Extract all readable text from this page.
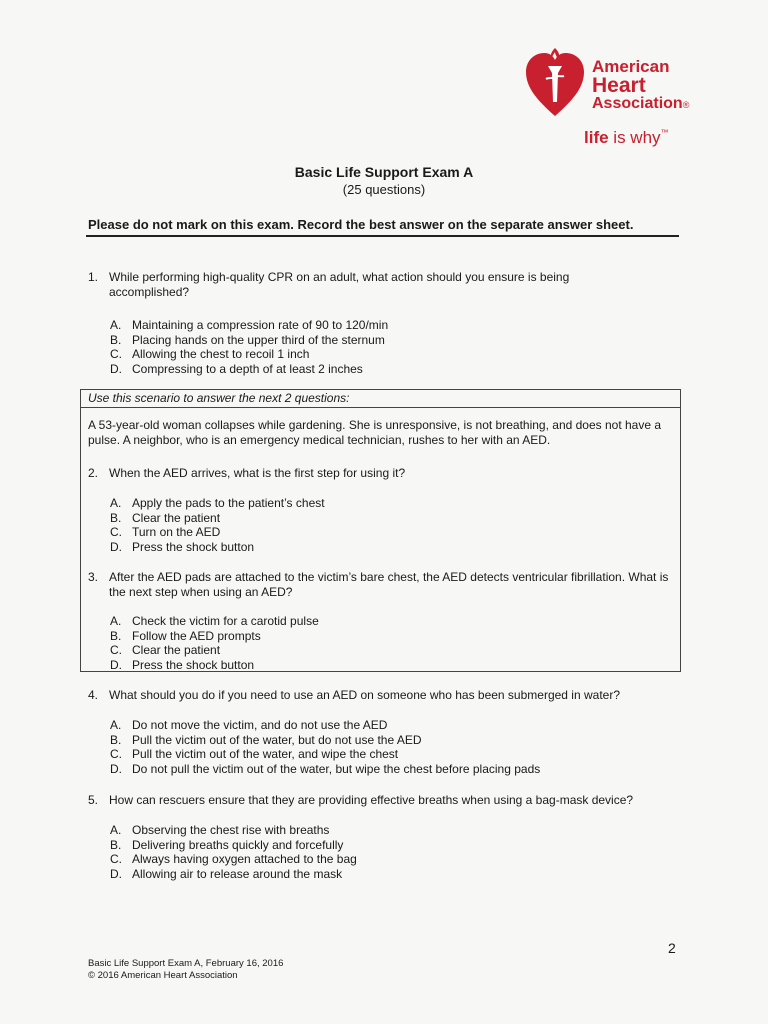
American
Heart
Association®
life is why™
Basic Life Support Exam A
(25 questions)
Please do not mark on this exam. Record the best answer on the separate answer sheet.
1. While performing high-quality CPR on an adult, what action should you ensure is being accomplished?
A. Maintaining a compression rate of 90 to 120/min
B. Placing hands on the upper third of the sternum
C. Allowing the chest to recoil 1 inch
D. Compressing to a depth of at least 2 inches
Use this scenario to answer the next 2 questions:
A 53-year-old woman collapses while gardening. She is unresponsive, is not breathing, and does not have a pulse. A neighbor, who is an emergency medical technician, rushes to her with an AED.
2. When the AED arrives, what is the first step for using it?
A. Apply the pads to the patient’s chest
B. Clear the patient
C. Turn on the AED
D. Press the shock button
3. After the AED pads are attached to the victim’s bare chest, the AED detects ventricular fibrillation. What is the next step when using an AED?
A. Check the victim for a carotid pulse
B. Follow the AED prompts
C. Clear the patient
D. Press the shock button
4. What should you do if you need to use an AED on someone who has been submerged in water?
A. Do not move the victim, and do not use the AED
B. Pull the victim out of the water, but do not use the AED
C. Pull the victim out of the water, and wipe the chest
D. Do not pull the victim out of the water, but wipe the chest before placing pads
5. How can rescuers ensure that they are providing effective breaths when using a bag-mask device?
A. Observing the chest rise with breaths
B. Delivering breaths quickly and forcefully
C. Always having oxygen attached to the bag
D. Allowing air to release around the mask
2
Basic Life Support Exam A, February 16, 2016
© 2016 American Heart Association
